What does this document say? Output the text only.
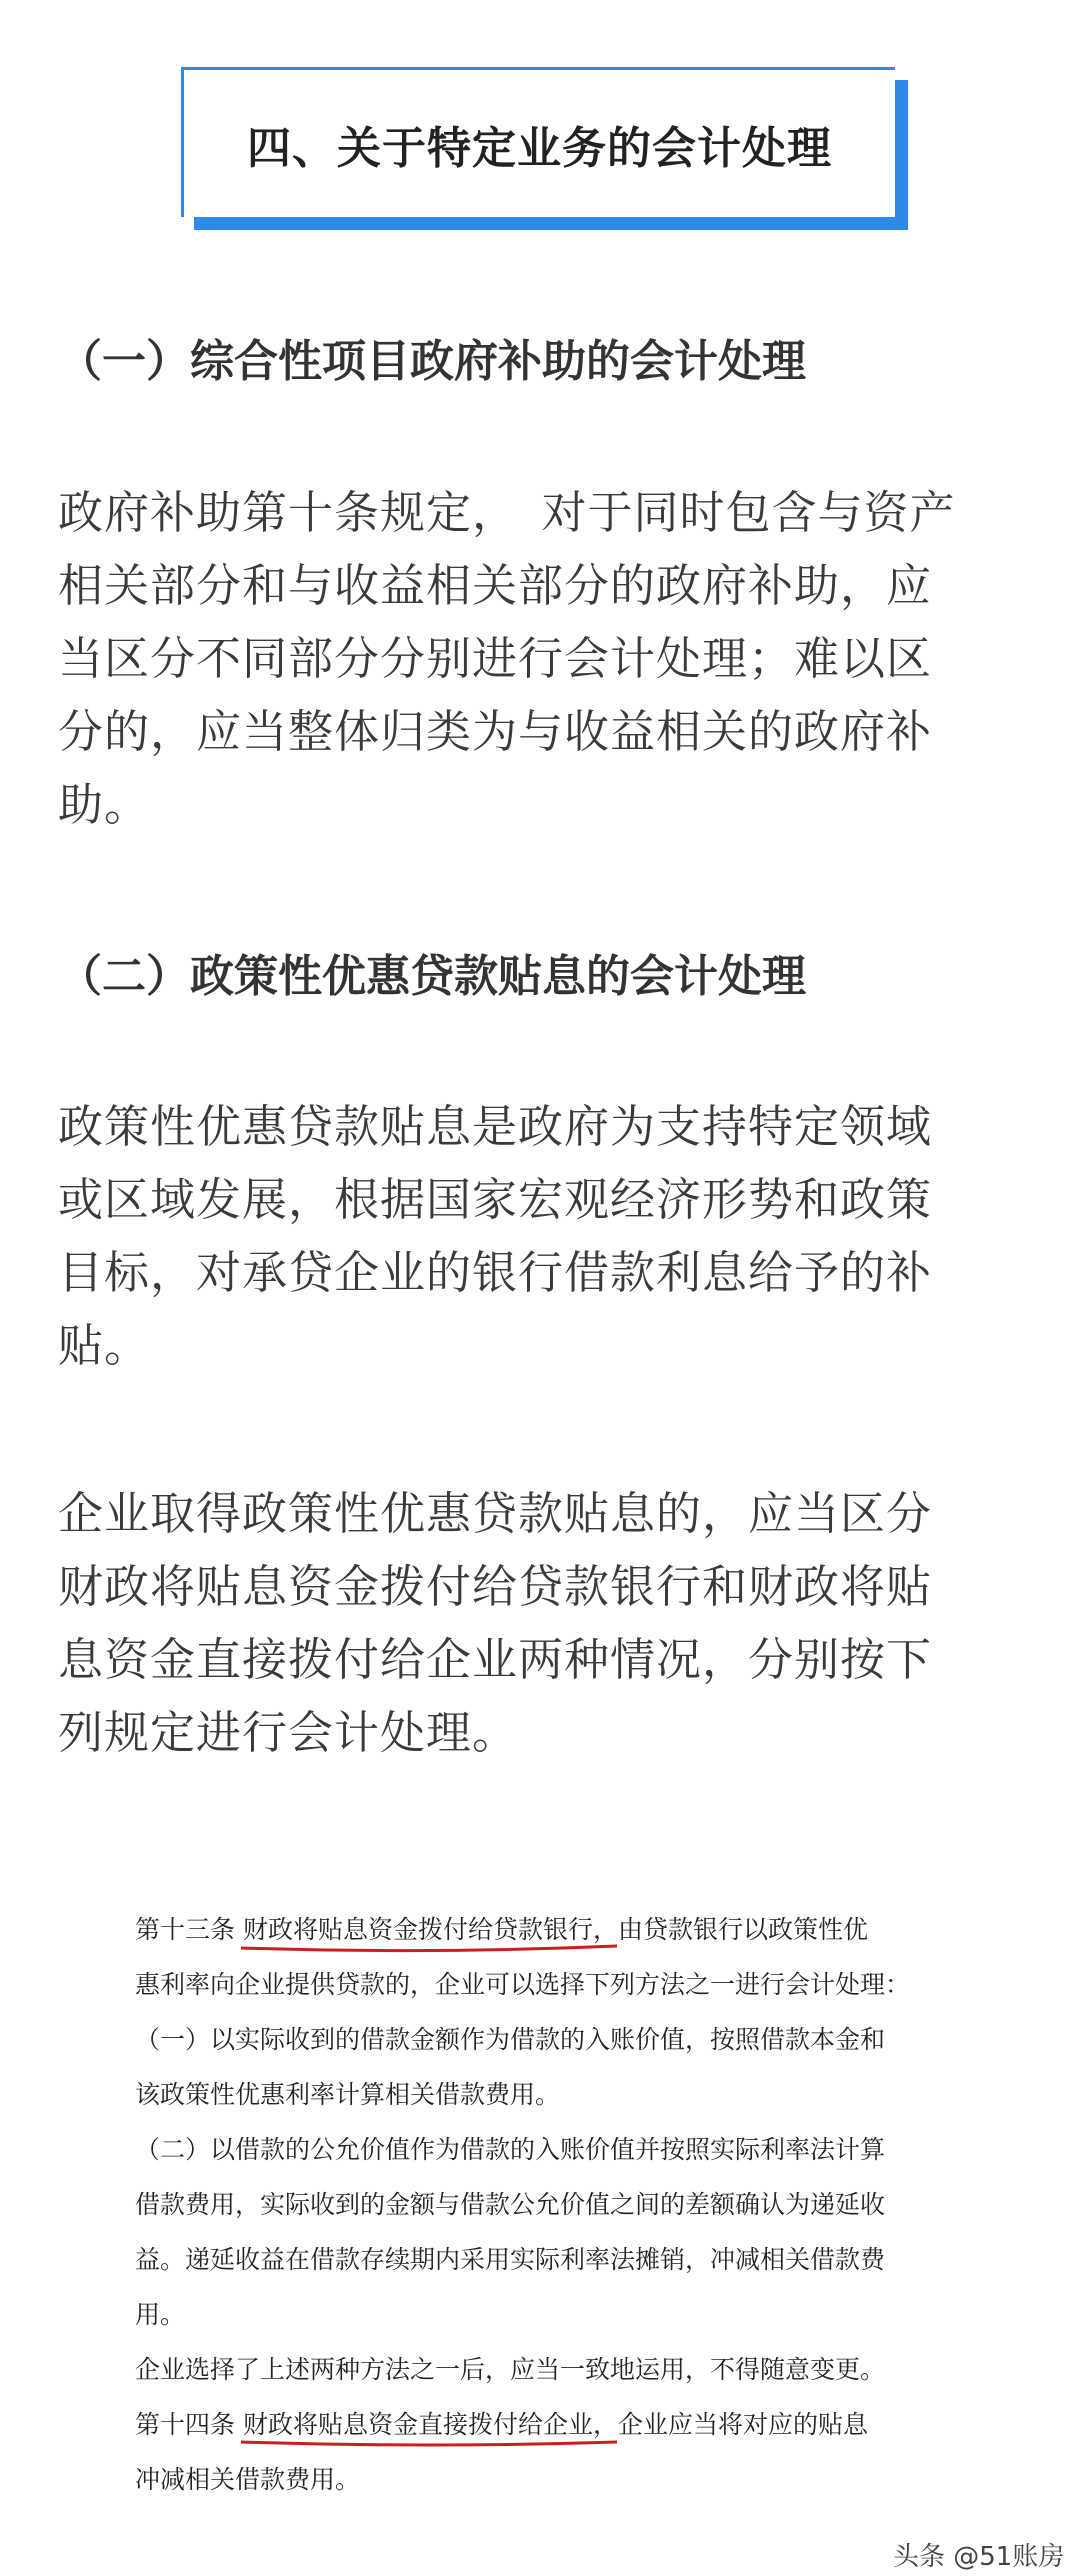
四、关于特定业务的会计处理
（一）综合性项目政府补助的会计处理
政府补助第十条规定，　对于同时包含与资产
相关部分和与收益相关部分的政府补助，应
当区分不同部分分别进行会计处理；难以区
分的，应当整体归类为与收益相关的政府补
助。
（二）政策性优惠贷款贴息的会计处理
政策性优惠贷款贴息是政府为支持特定领域
或区域发展，根据国家宏观经济形势和政策
目标，对承贷企业的银行借款利息给予的补
贴。
企业取得政策性优惠贷款贴息的，应当区分
财政将贴息资金拨付给贷款银行和财政将贴
息资金直接拨付给企业两种情况，分别按下
列规定进行会计处理。
第十三条 财政将贴息资金拨付给贷款银行
，由贷款银行以政策性优
惠利率向企业提供贷款的，企业可以选择下列方法之一进行会计处理：
（一）以实际收到的借款金额作为借款的入账价值，按照借款本金和
该政策性优惠利率计算相关借款费用。
（二）以借款的公允价值作为借款的入账价值并按照实际利率法计算
借款费用，实际收到的金额与借款公允价值之间的差额确认为递延收
益。递延收益在借款存续期内采用实际利率法摊销，冲减相关借款费
用。
企业选择了上述两种方法之一后，应当一致地运用，不得随意变更。
第十四条 财政将贴息资金直接拨付给企业
，企业应当将对应的贴息
冲减相关借款费用。
头条 @51账房
